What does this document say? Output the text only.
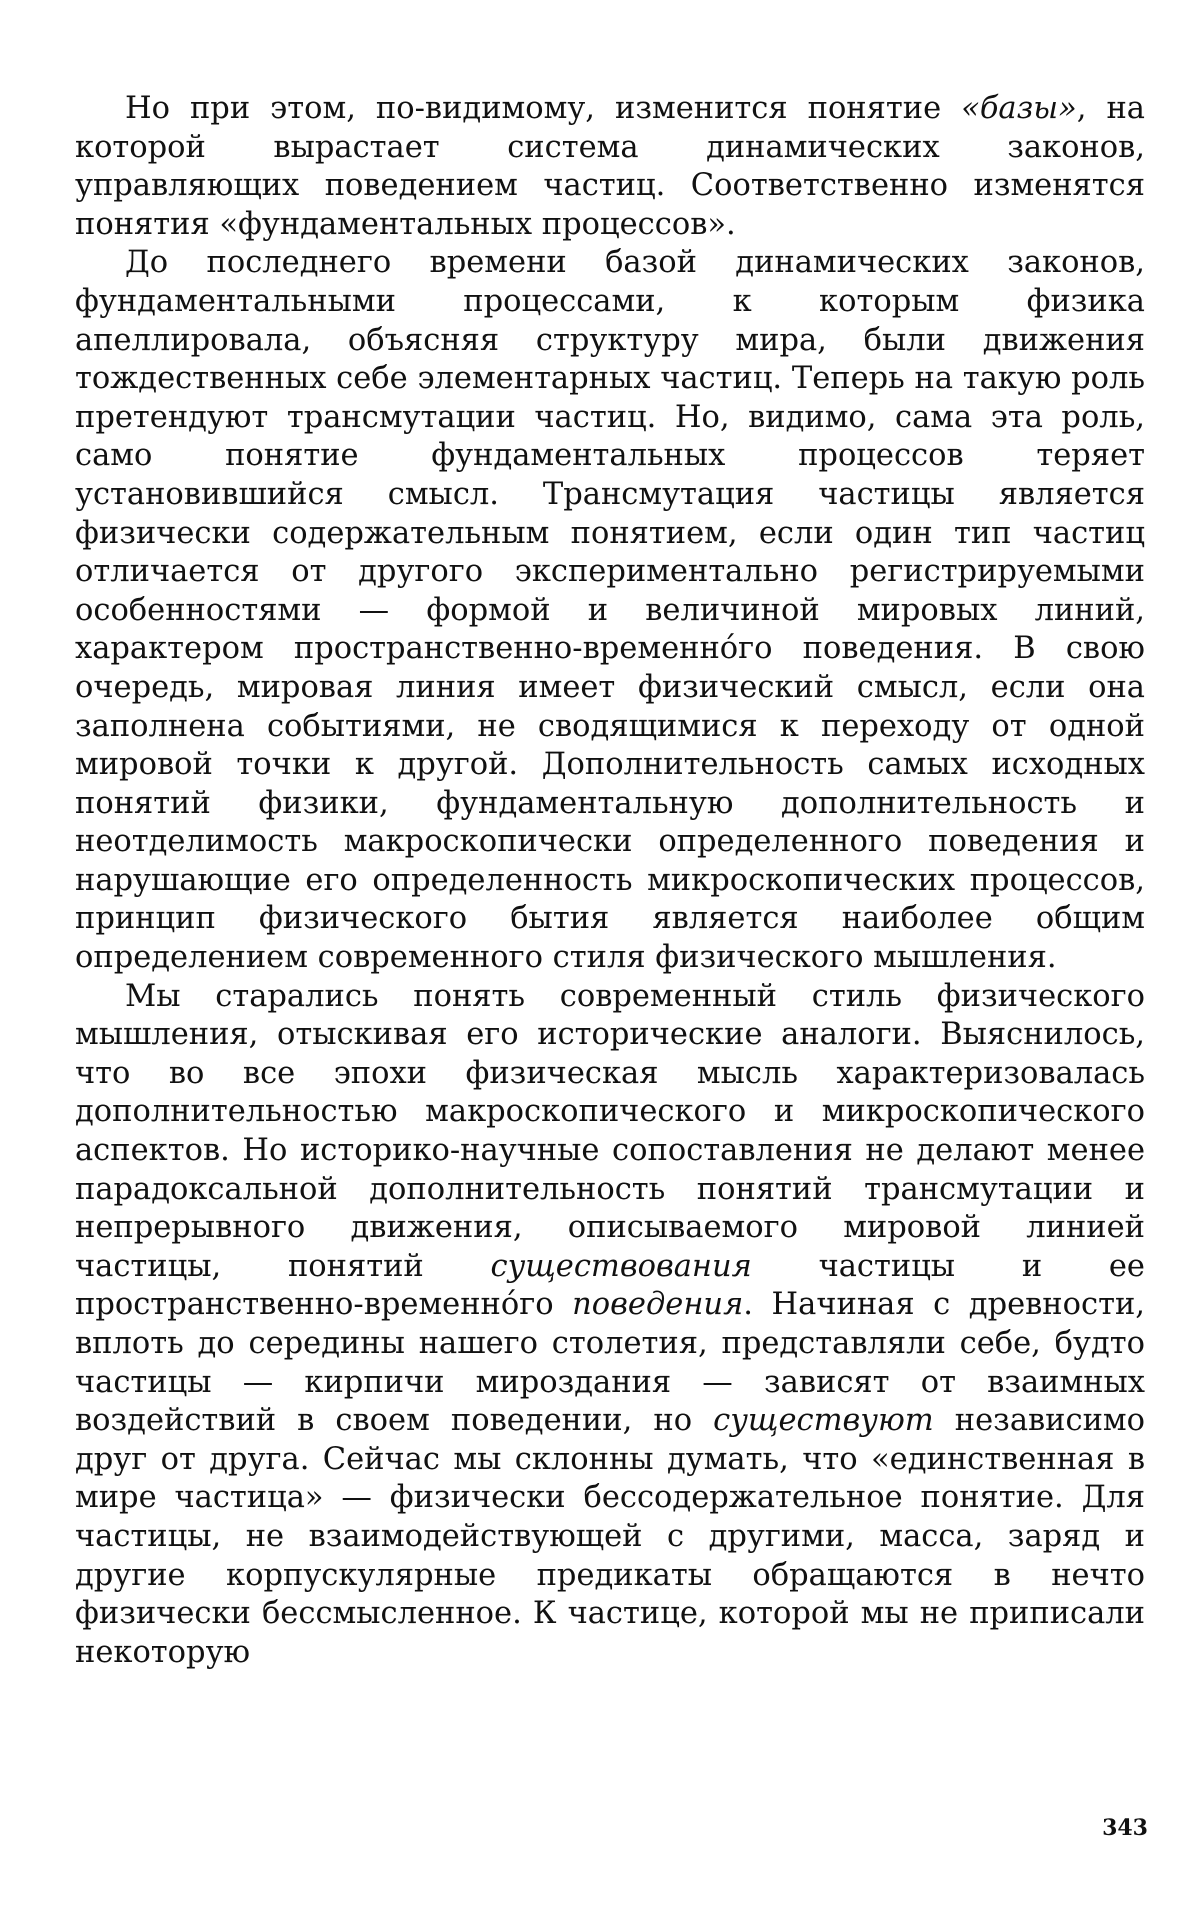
Но при этом, по-видимому, изменится понятие «базы», на которой вырастает система динамических законов, управляющих поведением частиц. Соответственно изменятся понятия «фундаментальных процессов».

До последнего времени базой динамических законов, фундаментальными процессами, к которым физика апеллировала, объясняя структуру мира, были движения тождественных себе элементарных частиц. Теперь на такую роль претендуют трансмутации частиц. Но, видимо, сама эта роль, само понятие фундаментальных процессов теряет установившийся смысл. Трансмутация частицы является физически содержательным понятием, если один тип частиц отличается от другого экспериментально регистрируемыми особенностями — формой и величиной мировых линий, характером пространственно-временно́го поведения. В свою очередь, мировая линия имеет физический смысл, если она заполнена событиями, не сводящимися к переходу от одной мировой точки к другой. Дополнительность самых исходных понятий физики, фундаментальную дополнительность и неотделимость макроскопически определенного поведения и нарушающие его определенность микроскопических процессов, принцип физического бытия является наиболее общим определением современного стиля физического мышления.

Мы старались понять современный стиль физического мышления, отыскивая его исторические аналоги. Выяснилось, что во все эпохи физическая мысль характеризовалась дополнительностью макроскопического и микроскопического аспектов. Но историко-научные сопоставления не делают менее парадоксальной дополнительность понятий трансмутации и непрерывного движения, описываемого мировой линией частицы, понятий существования частицы и ее пространственно-временно́го поведения. Начиная с древности, вплоть до середины нашего столетия, представляли себе, будто частицы — кирпичи мироздания — зависят от взаимных воздействий в своем поведении, но существуют независимо друг от друга. Сейчас мы склонны думать, что «единственная в мире частица» — физически бессодержательное понятие. Для частицы, не взаимодействующей с другими, масса, заряд и другие корпускулярные предикаты обращаются в нечто физически бессмысленное. К частице, которой мы не приписали некоторую

343
